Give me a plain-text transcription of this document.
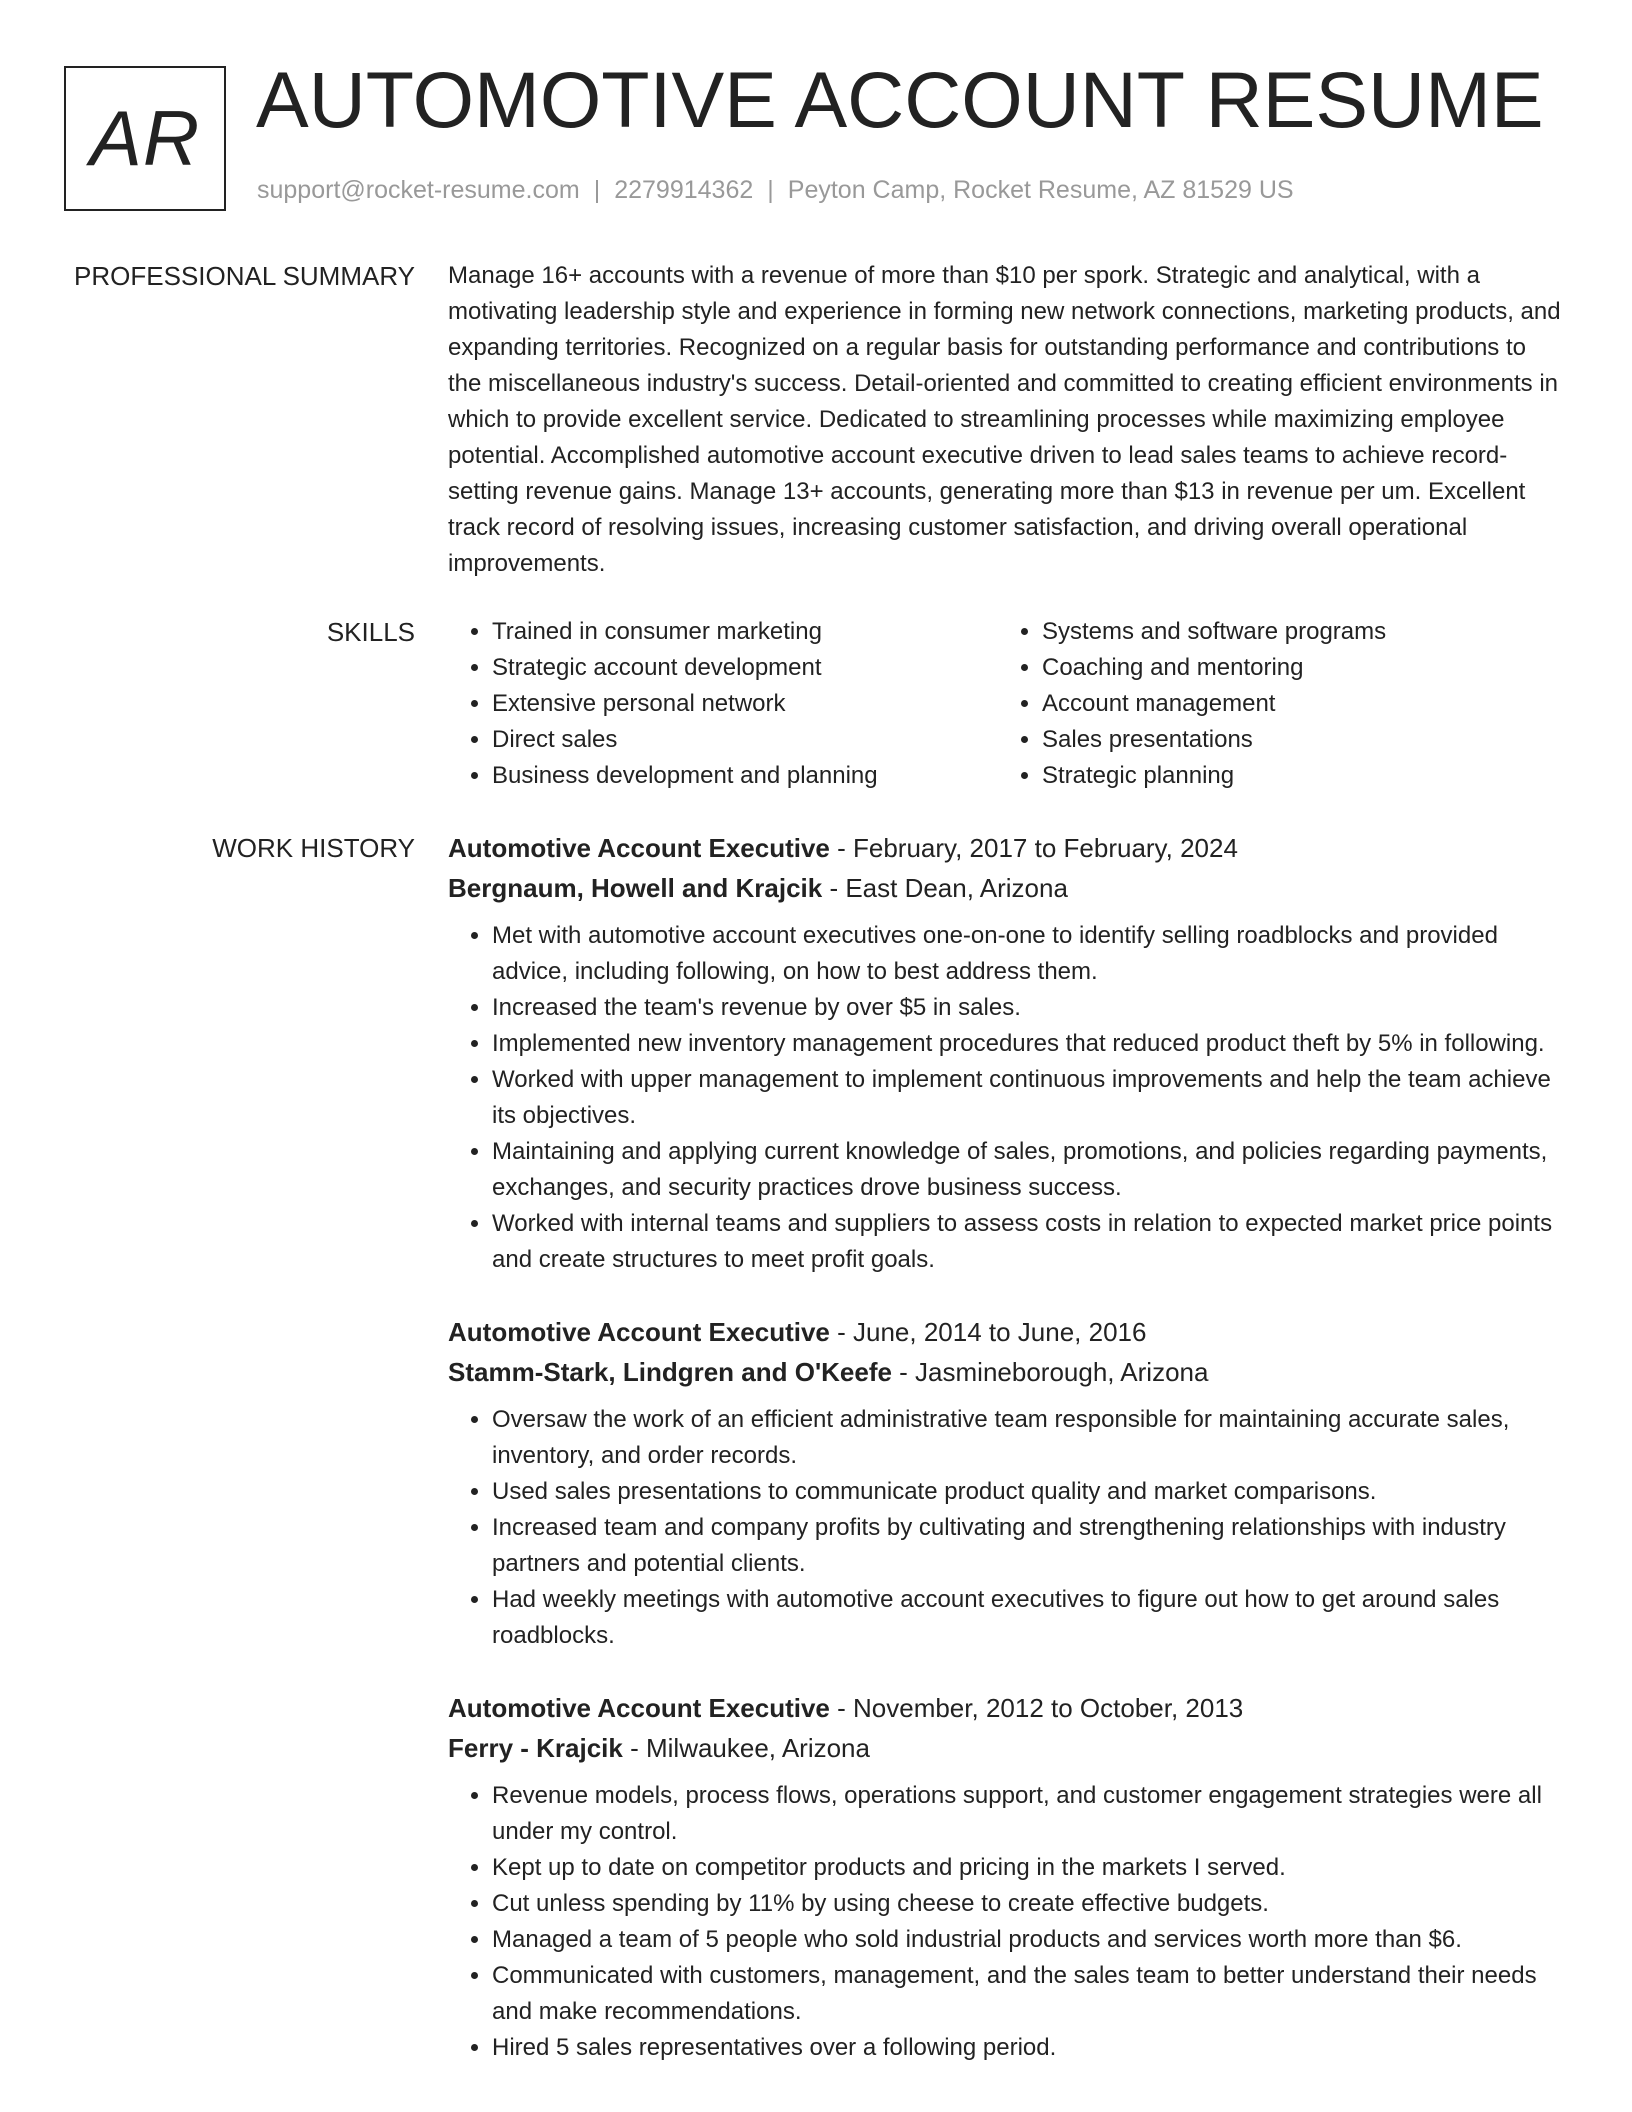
AR AUTOMOTIVE ACCOUNT RESUME
support@rocket-resume.com | 2279914362 | Peyton Camp, Rocket Resume, AZ 81529 US
PROFESSIONAL SUMMARY Manage 16+ accounts with a revenue of more than $10 per spork. Strategic and analytical, with a motivating leadership style and experience in forming new network connections, marketing products, and expanding territories. Recognized on a regular basis for outstanding performance and contributions to the miscellaneous industry's success. Detail-oriented and committed to creating efficient environments in which to provide excellent service. Dedicated to streamlining processes while maximizing employee potential. Accomplished automotive account executive driven to lead sales teams to achieve record-setting revenue gains. Manage 13+ accounts, generating more than $13 in revenue per um. Excellent track record of resolving issues, increasing customer satisfaction, and driving overall operational improvements.

SKILLS
•	Trained in consumer marketing
• Strategic account development
• Extensive personal network
• Direct sales
• Business development and planning
• Systems and software programs
• Coaching and mentoring
• Account management
• Sales presentations
• Strategic planning
WORK HISTORY Automotive Account Executive - February, 2017 to February, 2024
Bergnaum, Howell and Krajcik - East Dean, Arizona
• Met with automotive account executives one-on-one to identify selling roadblocks and provided advice, including following, on how to best address them.
• Increased the team's revenue by over $5 in sales.
• Implemented new inventory management procedures that reduced product theft by 5% in following.
• Worked with upper management to implement continuous improvements and help the team achieve its objectives.
• Maintaining and applying current knowledge of sales, promotions, and policies regarding payments, exchanges, and security practices drove business success.
• Worked with internal teams and suppliers to assess costs in relation to expected market price points and create structures to meet profit goals.
Automotive Account Executive - June, 2014 to June, 2016
Stamm-Stark, Lindgren and O'Keefe - Jasmineborough, Arizona
• Oversaw the work of an efficient administrative team responsible for maintaining accurate sales, inventory, and order records.
• Used sales presentations to communicate product quality and market comparisons.
• Increased team and company profits by cultivating and strengthening relationships with industry partners and potential clients.
• Had weekly meetings with automotive account executives to figure out how to get around sales roadblocks.
Automotive Account Executive - November, 2012 to October, 2013
Ferry - Krajcik - Milwaukee, Arizona
• Revenue models, process flows, operations support, and customer engagement strategies were all under my control.
• Kept up to date on competitor products and pricing in the markets I served.
• Cut unless spending by 11% by using cheese to create effective budgets.
• Managed a team of 5 people who sold industrial products and services worth more than $6.
• Communicated with customers, management, and the sales team to better understand their needs and make recommendations.
• Hired 5 sales representatives over a following period.
